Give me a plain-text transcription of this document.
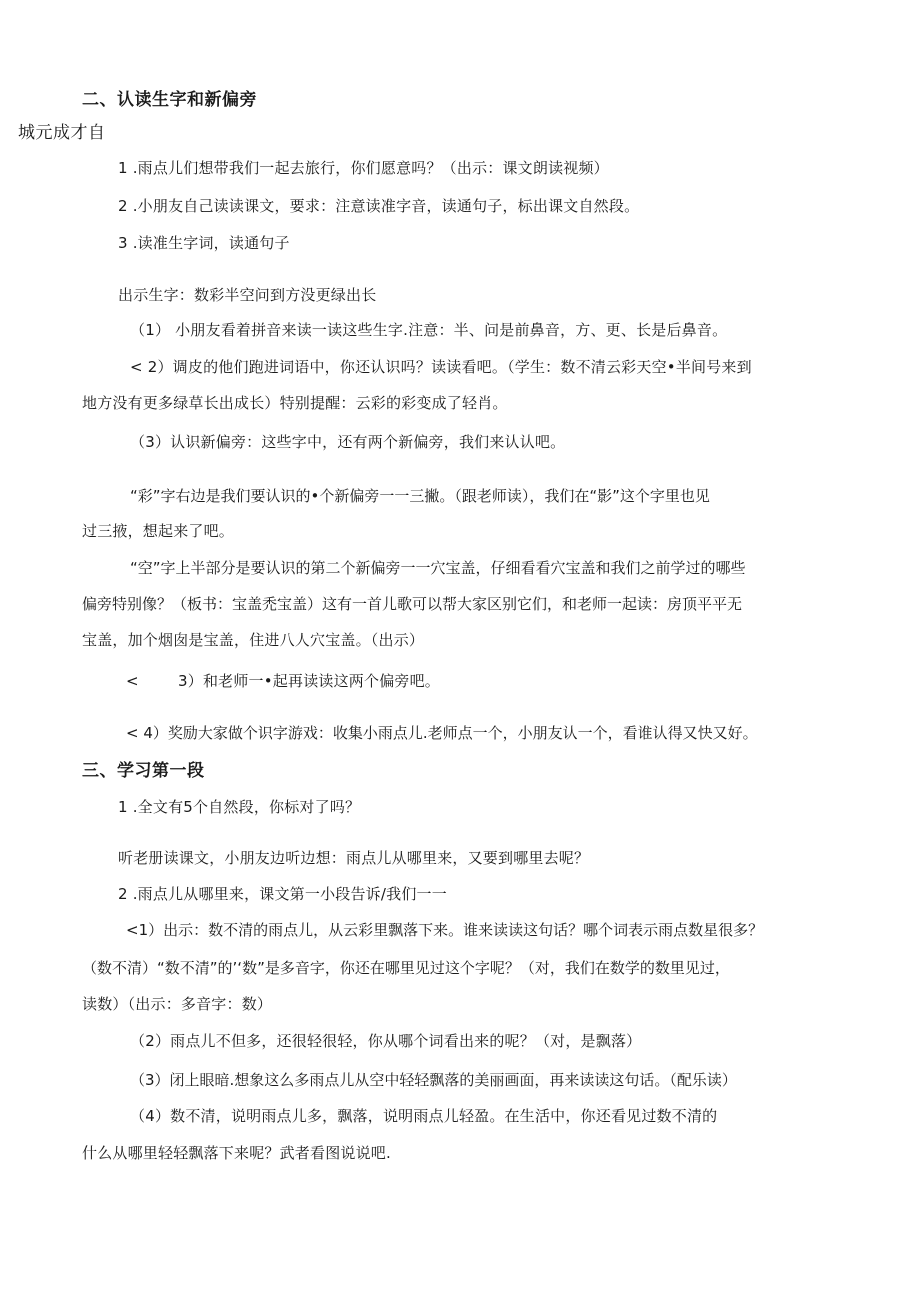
二、认读生字和新偏旁
城元成才自
1 .雨点儿们想带我们一起去旅行，你们愿意吗？（出示：课文朗读视频）
2 .小朋友自己读读课文，要求：注意读准字音，读通句子，标出课文自然段。
3 .读准生字词，读通句子
出示生字：数彩半空问到方没更绿出长
（1） 小朋友看着拼音来读一读这些生字.注意：半、问是前鼻音，方、更、长是后鼻音。
< 2）调皮的他们跑进词语中，你还认识吗？读读看吧。（学生：数不清云彩天空•半间号来到
地方没有更多绿草长出成长）特别提醒：云彩的彩变成了轻肖。
（3）认识新偏旁：这些字中，还有两个新偏旁，我们来认认吧。
“彩”字右边是我们要认识的•个新偏旁一一三撇。（跟老师读），我们在“影”这个字里也见
过三掖，想起来了吧。
“空”字上半部分是要认识的第二个新偏旁一一穴宝盖，仔细看看穴宝盖和我们之前学过的哪些
偏旁特别像？（板书：宝盖禿宝盖）这有一首儿歌可以帮大家区别它们，和老师一起读：房顶平平无
宝盖，加个烟囱是宝盖，住进八人穴宝盖。（出示）
<	3）和老师一•起再读读这两个偏旁吧。
< 4）奖励大家做个识字游戏：收集小雨点儿.老师点一个，小朋友认一个，看谁认得又快又好。
三、学习第一段
1 .全文有5个自然段，你标对了吗？
听老册读课文，小朋友边听边想：雨点儿从哪里来，又要到哪里去呢？
2 .雨点儿从哪里来，课文第一小段告诉/我们一一
<1）出示：数不清的雨点儿，从云彩里飘落下来。谁来读读这句话？哪个词表示雨点数星很多？
（数不清）“数不清”的’‘数”是多音字，你还在哪里见过这个字呢？（对，我们在数学的数里见过，
读数）（出示：多音字：数）
（2）雨点儿不但多，还很轻很轻，你从哪个词看出来的呢？（对，是飘落）
（3）闭上眼暗.想象这么多雨点儿从空中轻轻飘落的美丽画面，再来读读这句话。（配乐读）
（4）数不清，说明雨点儿多，飘落，说明雨点儿轻盈。在生活中，你还看见过数不清的
什么从哪里轻轻飘落下来呢？武者看图说说吧.
